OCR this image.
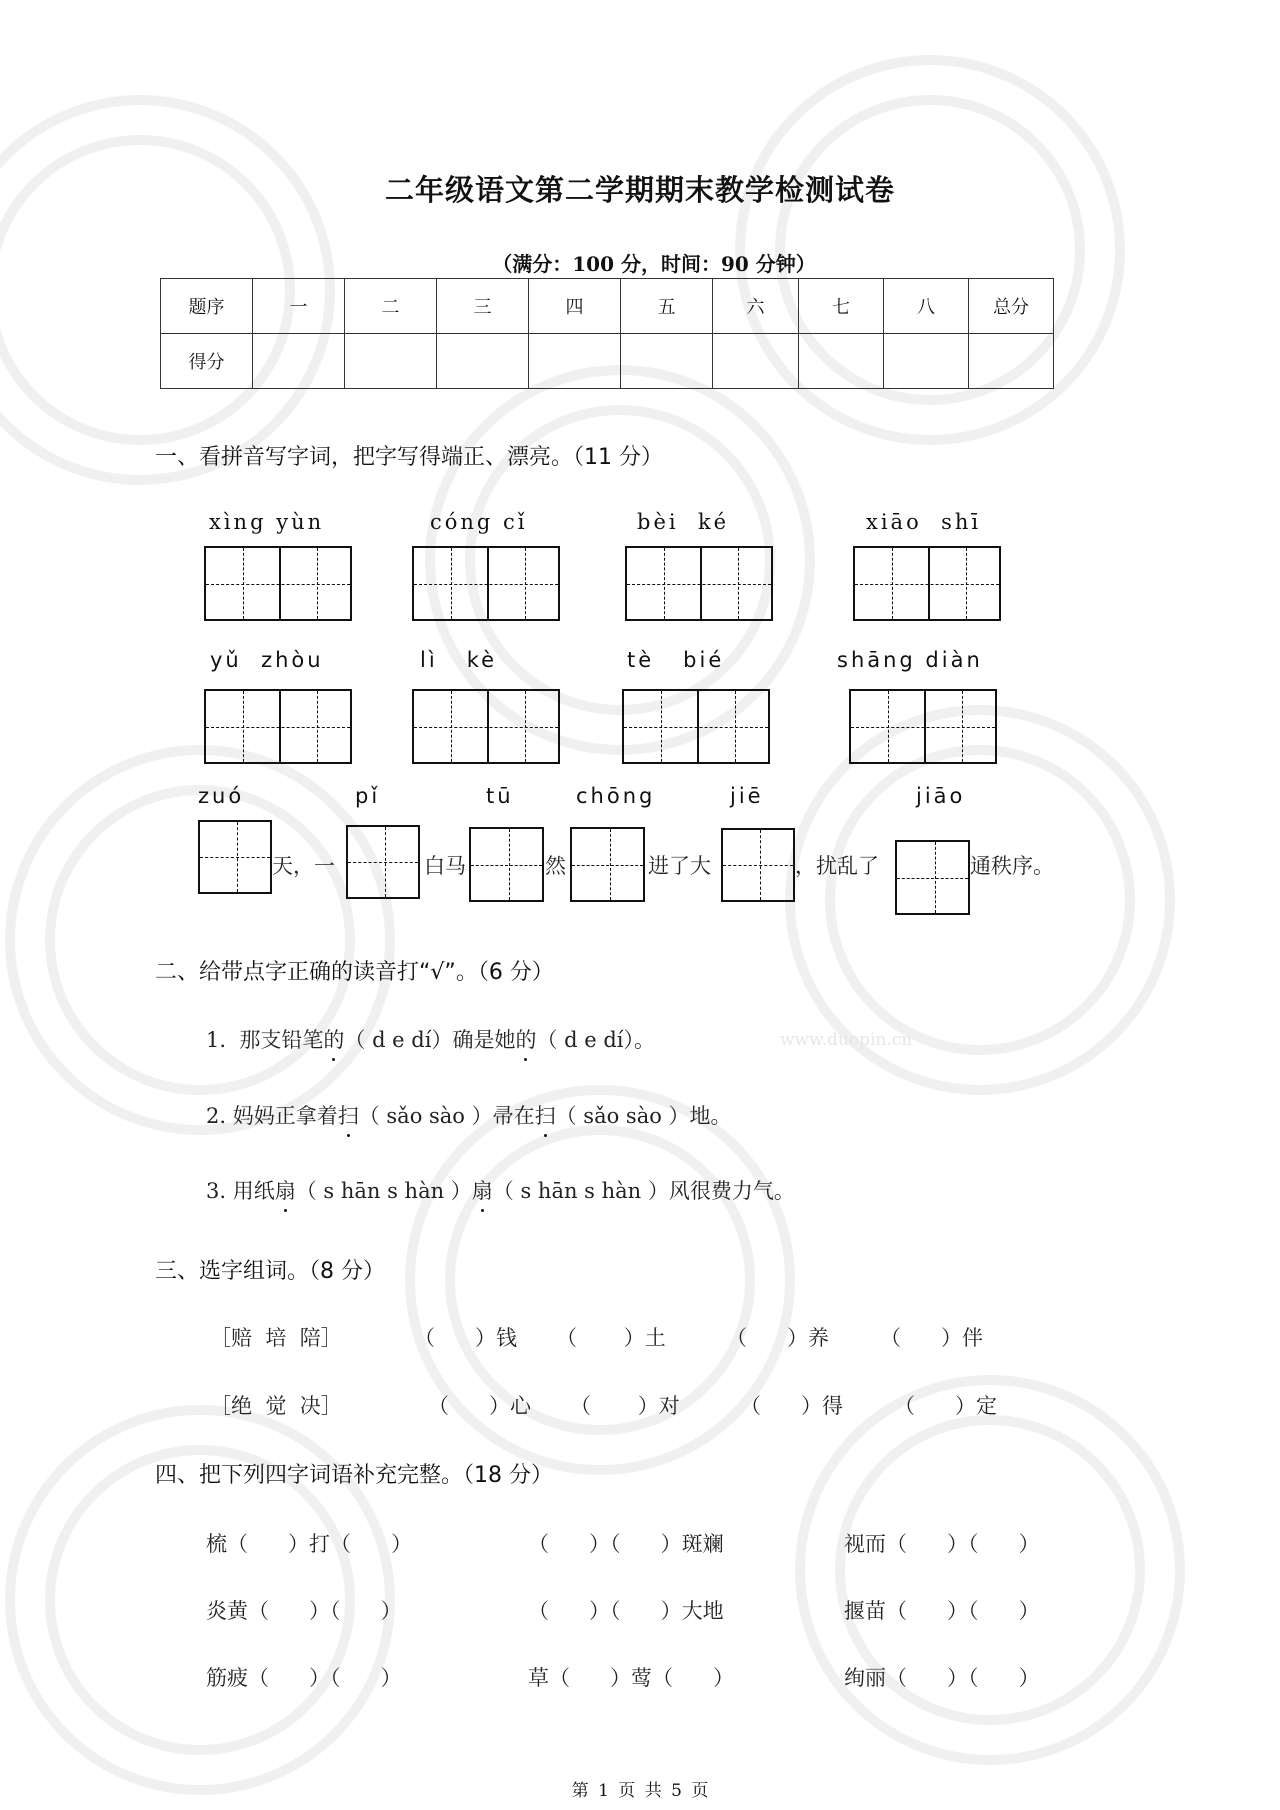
二年级语文第二学期期末教学检测试卷
（满分：100 分，时间：90 分钟）
题序	一	二	三	四	五	六	七	八	总分
得分									
一、看拼音写字词，把字写得端正、漂亮。（11 分）
xìng yùn	cóng cǐ	bèi  ké	xiāo  shī
yǔ  zhòu	lì   kè	tè   bié	shāng diàn
zuó	pǐ	tū	chōng	jiē	jiāo
天，一	白马	然	进了大	，扰乱了	通秩序。
二、给带点字正确的读音打“√”。（6 分）
1.  那支铅笔的（ d e dí）确是她的（ d e dí）。	www.duopin.cn
2. 妈妈正拿着扫（ sǎo sào ）帚在扫（ sǎo sào ）地。
3. 用纸扇（ s hān s hàn ）扇（ s hān s hàn ）风很费力气。
三、选字组词。（8 分）
［赔  培  陪］	（      ）钱 （       ）土	（      ）养 （      ）伴
［绝  觉  决］	（      ）心 （       ）对	（      ）得 （      ）定
四、把下列四字词语补充完整。（18 分）
梳（      ）打（      ）	（      ）（      ）斑斓	视而（      ）（      ）
炎黄（      ）（      ）	（      ）（      ）大地	揠苗（      ）（      ）
筋疲（      ）（      ）	草（      ）莺（      ）	绚丽（      ）（      ）
第 1 页 共 5 页
